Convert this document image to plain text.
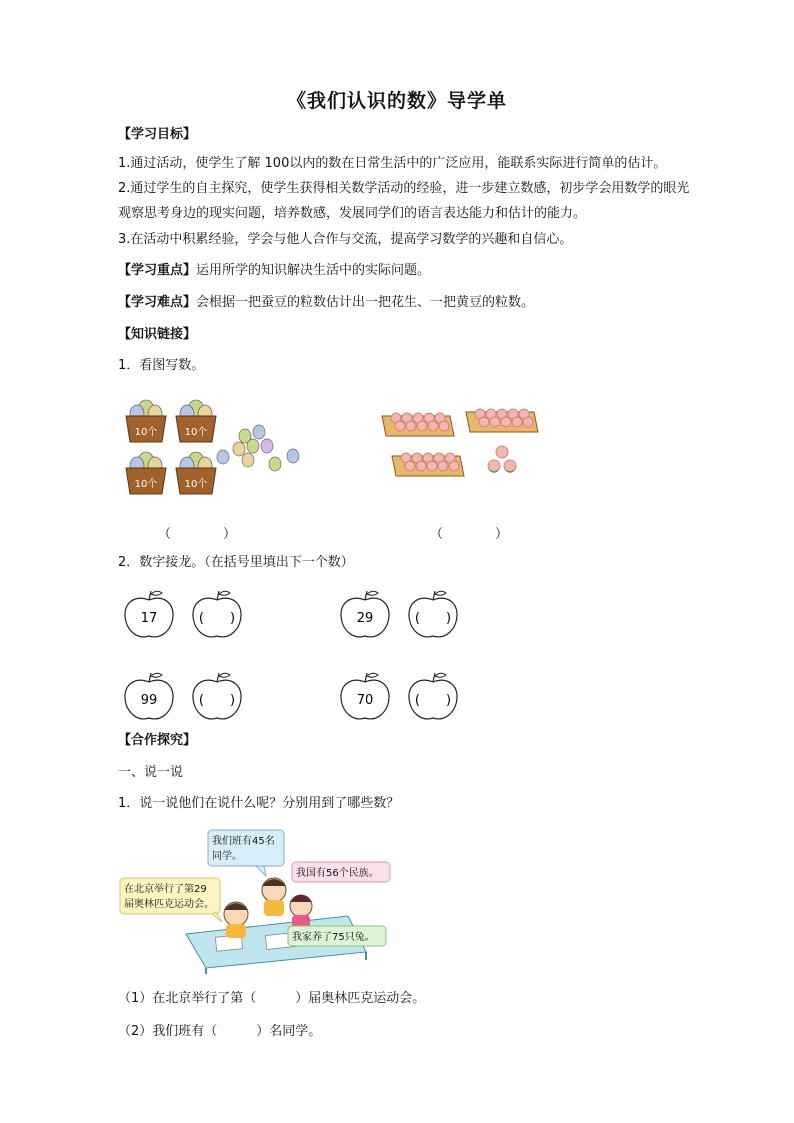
《我们认识的数》导学单
【学习目标】
1.通过活动，使学生了解 100以内的数在日常生活中的广泛应用，能联系实际进行简单的估计。
2.通过学生的自主探究，使学生获得相关数学活动的经验，进一步建立数感，初步学会用数学的眼光
观察思考身边的现实问题，培养数感，发展同学们的语言表达能力和估计的能力。
3.在活动中积累经验，学会与他人合作与交流，提高学习数学的兴趣和自信心。
【学习重点】运用所学的知识解决生活中的实际问题。
【学习难点】会根据一把蚕豆的粒数估计出一把花生、一把黄豆的粒数。
【知识链接】
1．看图写数。
10个	10个
10个	10个
（　　　　）	（　　　　）
2．数字接龙。（在括号里填出下一个数）
17	(　　)	29	(　　)
99	(　　)	70	(　　)
【合作探究】
一、说一说
1．说一说他们在说什么呢？分别用到了哪些数？
我们班有45名
同学。
我国有56个民族。
在北京举行了第29
届奥林匹克运动会。
我家养了75只兔。
（1）在北京举行了第（　　　）届奥林匹克运动会。
（2）我们班有（　　　）名同学。
